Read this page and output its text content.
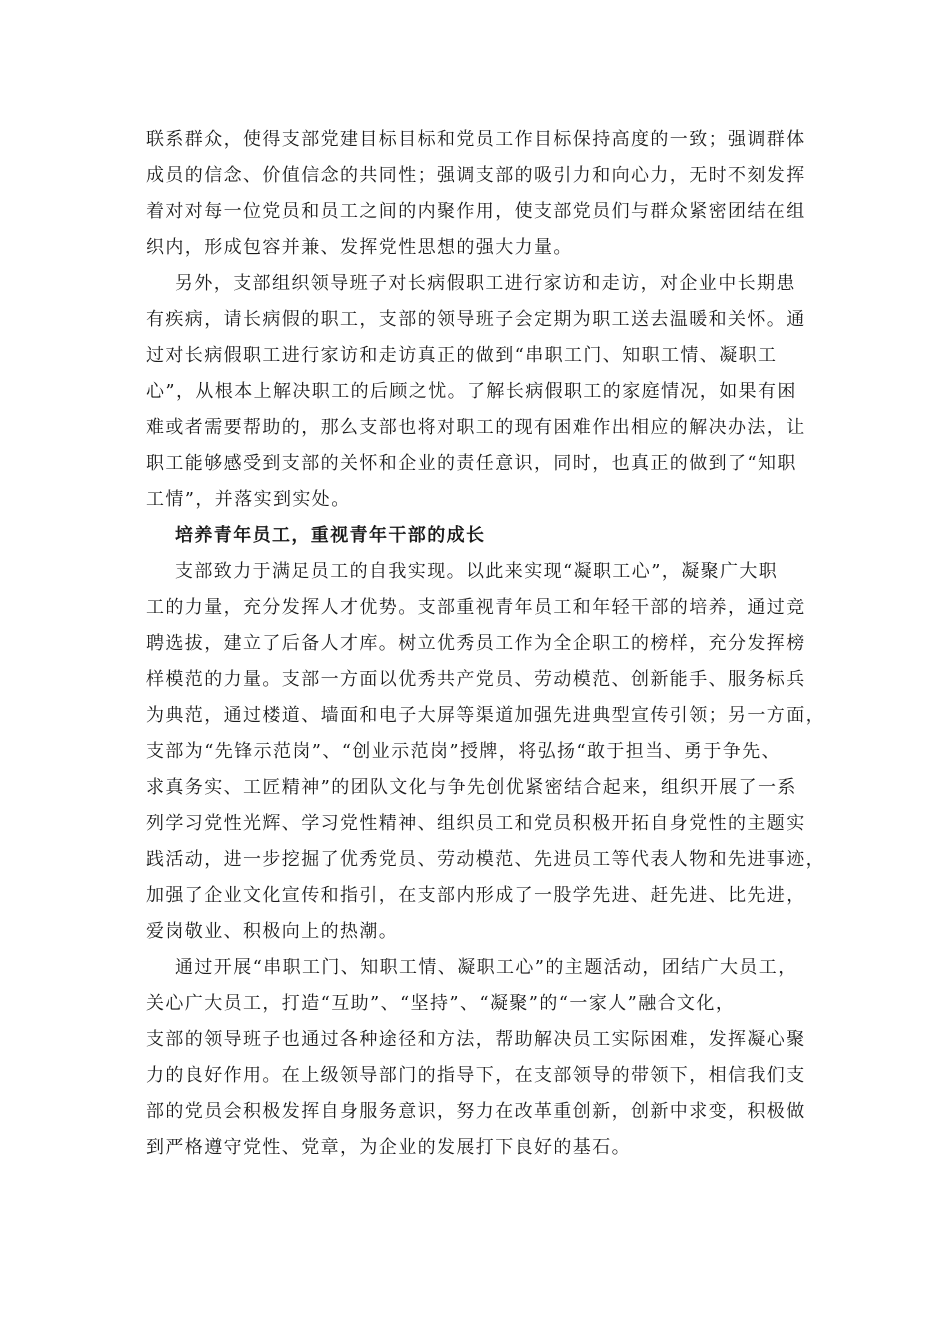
联系群众，使得支部党建目标目标和党员工作目标保持高度的一致；强调群体
成员的信念、价值信念的共同性；强调支部的吸引力和向心力，无时不刻发挥
着对对每一位党员和员工之间的内聚作用，使支部党员们与群众紧密团结在组
织内，形成包容并兼、发挥党性思想的强大力量。
另外，支部组织领导班子对长病假职工进行家访和走访，对企业中长期患
有疾病，请长病假的职工，支部的领导班子会定期为职工送去温暖和关怀。通
过对长病假职工进行家访和走访真正的做到“串职工门、知职工情、凝职工
心”，从根本上解决职工的后顾之忧。了解长病假职工的家庭情况，如果有困
难或者需要帮助的，那么支部也将对职工的现有困难作出相应的解决办法，让
职工能够感受到支部的关怀和企业的责任意识，同时，也真正的做到了“知职
工情”，并落实到实处。
培养青年员工，重视青年干部的成长
支部致力于满足员工的自我实现。以此来实现“凝职工心”，凝聚广大职
工的力量，充分发挥人才优势。支部重视青年员工和年轻干部的培养，通过竞
聘选拔，建立了后备人才库。树立优秀员工作为全企职工的榜样，充分发挥榜
样模范的力量。支部一方面以优秀共产党员、劳动模范、创新能手、服务标兵
为典范，通过楼道、墙面和电子大屏等渠道加强先进典型宣传引领；另一方面，
支部为“先锋示范岗”、“创业示范岗”授牌，将弘扬“敢于担当、勇于争先、
求真务实、工匠精神”的团队文化与争先创优紧密结合起来，组织开展了一系
列学习党性光辉、学习党性精神、组织员工和党员积极开拓自身党性的主题实
践活动，进一步挖掘了优秀党员、劳动模范、先进员工等代表人物和先进事迹，
加强了企业文化宣传和指引，在支部内形成了一股学先进、赶先进、比先进，
爱岗敬业、积极向上的热潮。
通过开展“串职工门、知职工情、凝职工心”的主题活动，团结广大员工，
关心广大员工，打造“互助”、“坚持”、“凝聚”的“一家人”融合文化，
支部的领导班子也通过各种途径和方法，帮助解决员工实际困难，发挥凝心聚
力的良好作用。在上级领导部门的指导下，在支部领导的带领下，相信我们支
部的党员会积极发挥自身服务意识，努力在改革重创新，创新中求变，积极做
到严格遵守党性、党章，为企业的发展打下良好的基石。
